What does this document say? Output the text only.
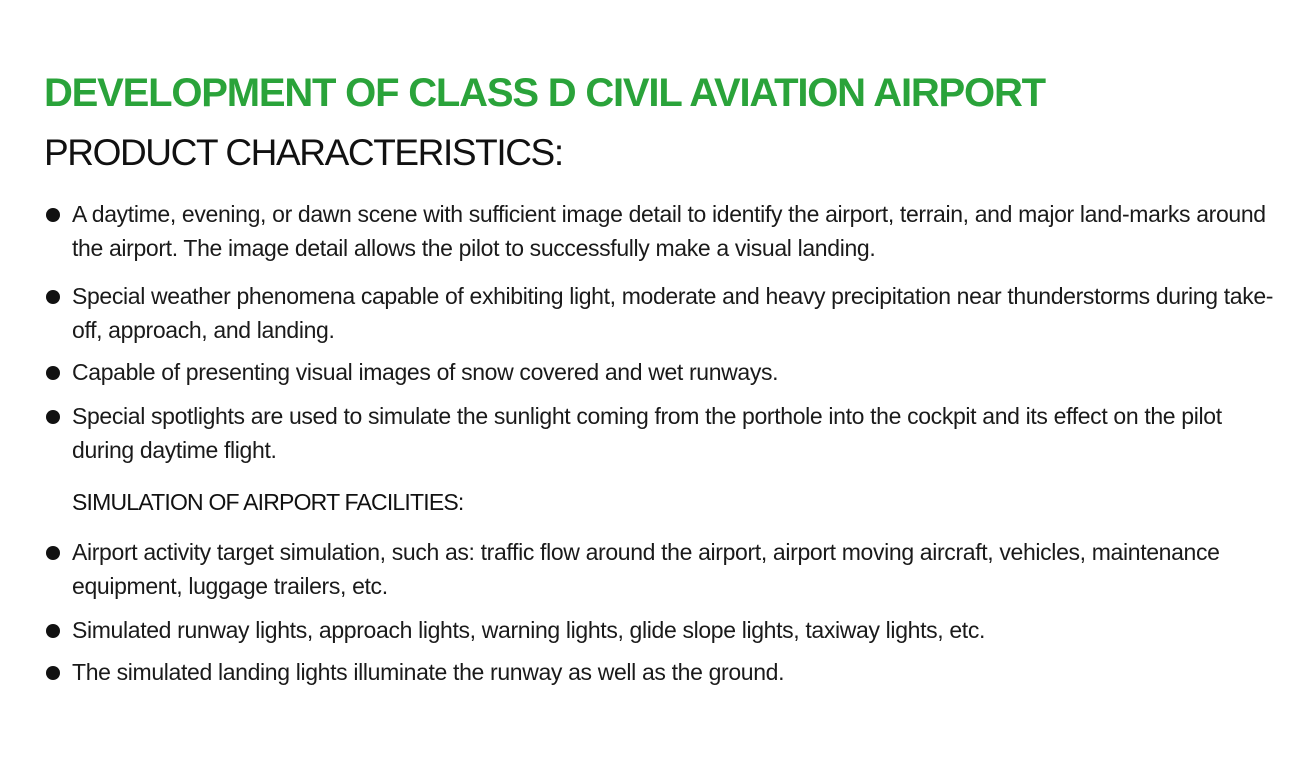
DEVELOPMENT OF CLASS D CIVIL AVIATION AIRPORT
PRODUCT CHARACTERISTICS:
A daytime, evening, or dawn scene with sufficient image detail to identify the airport, terrain, and major land-marks around the airport. The image detail allows the pilot to successfully make a visual landing.
Special weather phenomena capable of exhibiting light, moderate and heavy precipitation near thunderstorms during take-off, approach, and landing.
Capable of presenting visual images of snow covered and wet runways.
Special spotlights are used to simulate the sunlight coming from the porthole into the cockpit and its effect on the pilot during daytime flight.
SIMULATION OF AIRPORT FACILITIES:
Airport activity target simulation, such as: traffic flow around the airport, airport moving aircraft, vehicles, maintenance equipment, luggage trailers, etc.
Simulated runway lights, approach lights, warning lights, glide slope lights, taxiway lights, etc.
The simulated landing lights illuminate the runway as well as the ground.
